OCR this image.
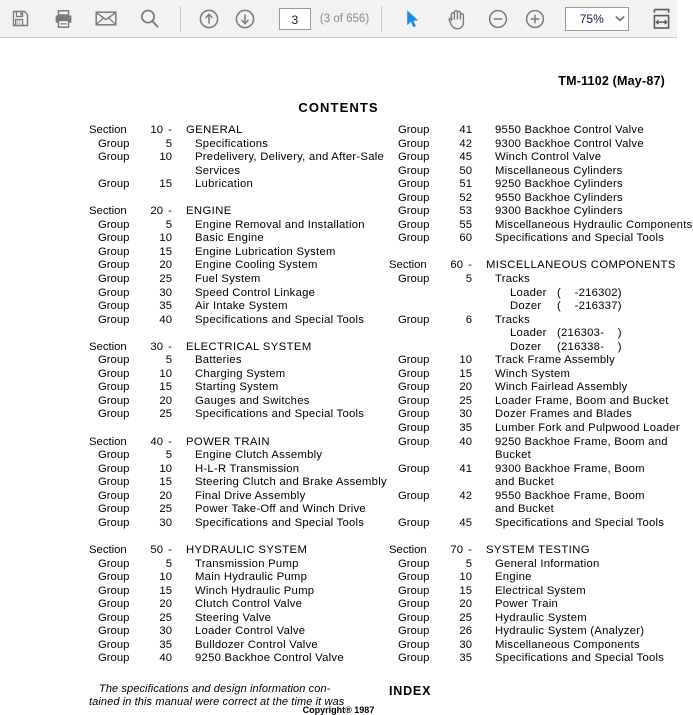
3	(3 of 656)	75%
TM-1102 (May-87)
CONTENTS
Section	10 -	GENERAL
Group	5	Specifications
Group	10	Predelivery, Delivery, and After-Sale
Services
Group	15	Lubrication
Section	20 -	ENGINE
Group	5	Engine Removal and Installation
Group	10	Basic Engine
Group	15	Engine Lubrication System
Group	20	Engine Cooling System
Group	25	Fuel System
Group	30	Speed Control Linkage
Group	35	Air Intake System
Group	40	Specifications and Special Tools
Section	30 -	ELECTRICAL SYSTEM
Group	5	Batteries
Group	10	Charging System
Group	15	Starting System
Group	20	Gauges and Switches
Group	25	Specifications and Special Tools
Section	40 -	POWER TRAIN
Group	5	Engine Clutch Assembly
Group	10	H-L-R Transmission
Group	15	Steering Clutch and Brake Assembly
Group	20	Final Drive Assembly
Group	25	Power Take-Off and Winch Drive
Group	30	Specifications and Special Tools
Section	50 -	HYDRAULIC SYSTEM
Group	5	Transmission Pump
Group	10	Main Hydraulic Pump
Group	15	Winch Hydraulic Pump
Group	20	Clutch Control Valve
Group	25	Steering Valve
Group	30	Loader Control Valve
Group	35	Bulldozer Control Valve
Group	40	9250 Backhoe Control Valve
Group	41	9550 Backhoe Control Valve
Group	42	9300 Backhoe Control Valve
Group	45	Winch Control Valve
Group	50	Miscellaneous Cylinders
Group	51	9250 Backhoe Cylinders
Group	52	9550 Backhoe Cylinders
Group	53	9300 Backhoe Cylinders
Group	55	Miscellaneous Hydraulic Components
Group	60	Specifications and Special Tools
Section	60 -	MISCELLANEOUS COMPONENTS
Group	5	Tracks
Loader (    -216302)
Dozer	(    -216337)
Group	6	Tracks
Loader (216303-    )
Dozer	(216338-    )
Group	10	Track Frame Assembly
Group	15	Winch System
Group	20	Winch Fairlead Assembly
Group	25	Loader Frame, Boom and Bucket
Group	30	Dozer Frames and Blades
Group	35	Lumber Fork and Pulpwood Loader
Group	40	9250 Backhoe Frame, Boom and
Bucket
Group	41	9300 Backhoe Frame, Boom
and Bucket
Group	42	9550 Backhoe Frame, Boom
and Bucket
Group	45	Specifications and Special Tools
Section	70 -	SYSTEM TESTING
Group	5	General Information
Group	10	Engine
Group	15	Electrical System
Group	20	Power Train
Group	25	Hydraulic System
Group	26	Hydraulic System (Analyzer)
Group	30	Miscellaneous Components
Group	35	Specifications and Special Tools
The specifications and design information con-
tained in this manual were correct at the time it was
INDEX
Copyright® 1987
